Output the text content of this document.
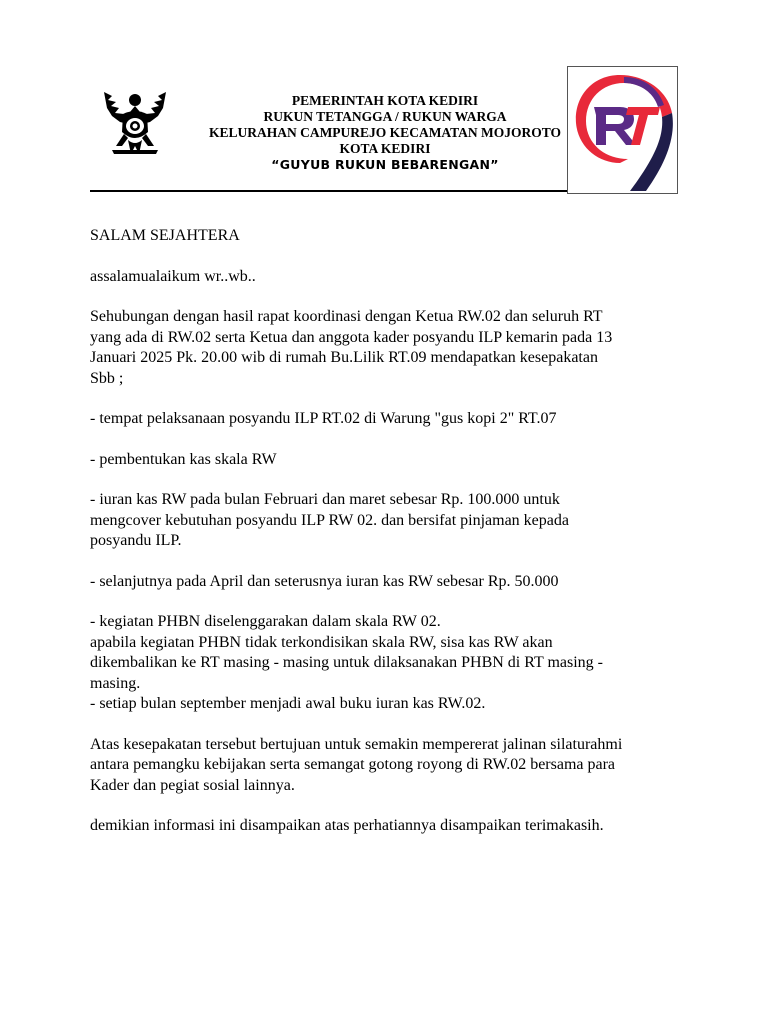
PEMERINTAH KOTA KEDIRI
RUKUN TETANGGA / RUKUN WARGA
KELURAHAN CAMPUREJO KECAMATAN MOJOROTO
KOTA KEDIRI
“GUYUB RUKUN BEBARENGAN”

SALAM SEJAHTERA

assalamualaikum wr..wb..

Sehubungan dengan hasil rapat koordinasi dengan Ketua RW.02 dan seluruh RT
yang ada di RW.02 serta Ketua dan anggota kader posyandu ILP kemarin pada 13
Januari 2025 Pk. 20.00 wib di rumah Bu.Lilik RT.09 mendapatkan kesepakatan
Sbb ;

- tempat pelaksanaan posyandu ILP RT.02 di Warung "gus kopi 2" RT.07

- pembentukan kas skala RW

- iuran kas RW pada bulan Februari dan maret sebesar Rp. 100.000 untuk
mengcover kebutuhan posyandu ILP RW 02. dan bersifat pinjaman kepada
posyandu ILP.

- selanjutnya pada April dan seterusnya iuran kas RW sebesar Rp. 50.000

- kegiatan PHBN diselenggarakan dalam skala RW 02.
apabila kegiatan PHBN tidak terkondisikan skala RW, sisa kas RW akan
dikembalikan ke RT masing - masing untuk dilaksanakan PHBN di RT masing -
masing.

- setiap bulan september menjadi awal buku iuran kas RW.02.

Atas kesepakatan tersebut bertujuan untuk semakin mempererat jalinan silaturahmi
antara pemangku kebijakan serta semangat gotong royong di RW.02 bersama para
Kader dan pegiat sosial lainnya.

demikian informasi ini disampaikan atas perhatiannya disampaikan terimakasih.
